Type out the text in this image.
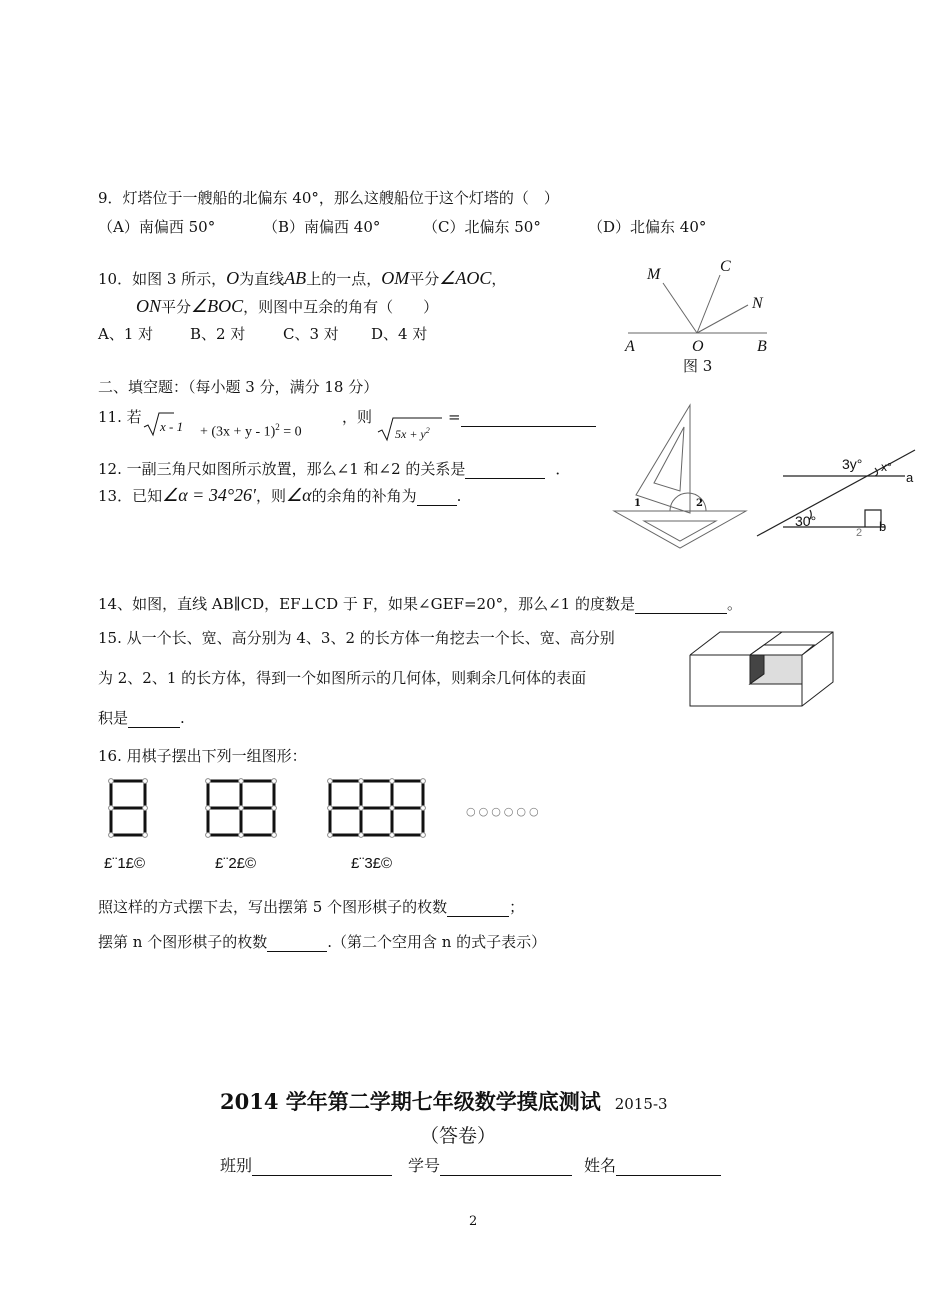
9．灯塔位于一艘船的北偏东 40°，那么这艘船位于这个灯塔的（　）
（A）南偏西 50°	（B）南偏西 40°	（C）北偏东 50°	（D）北偏东 40°
10．如图 3 所示，O为直线AB上的一点，OM平分∠AOC，
ON平分∠BOC，则图中互余的角有（　　）
A、1 对 B、2 对	C、3 对 D、4 对
M	C
N
A	O	B
图 3
二、填空题：（每小题 3 分，满分 18 分）
11. 若
$x - 1 + (3x + y - 1)^2 = 0$
，则
$5x + y^2$
=
12. 一副三角尺如图所示放置，那么∠1 和∠2 的关系是	．
13．已知∠α = 34°26′，则∠α的余角的补角为	.	1	2
3y° x°
a
30°	b
2
14、如图，直线 AB∥CD，EF⊥CD 于 F，如果∠GEF=20°，那么∠1 的度数是	。
15. 从一个长、宽、高分别为 4、3、2 的长方体一角挖去一个长、宽、高分别
为 2、2、1 的长方体，得到一个如图所示的几何体，则剩余几何体的表面
积是	.
16. 用棋子摆出下列一组图形：
○○○○○○
£¨1£©	£¨2£©	£¨3£©
照这样的方式摆下去，写出摆第 5 个图形棋子的枚数	；
摆第 n 个图形棋子的枚数	.（第二个空用含 n 的式子表示）
2014 学年第二学期七年级数学摸底测试 2015-3
（答卷）
班别	学号	姓名
2
